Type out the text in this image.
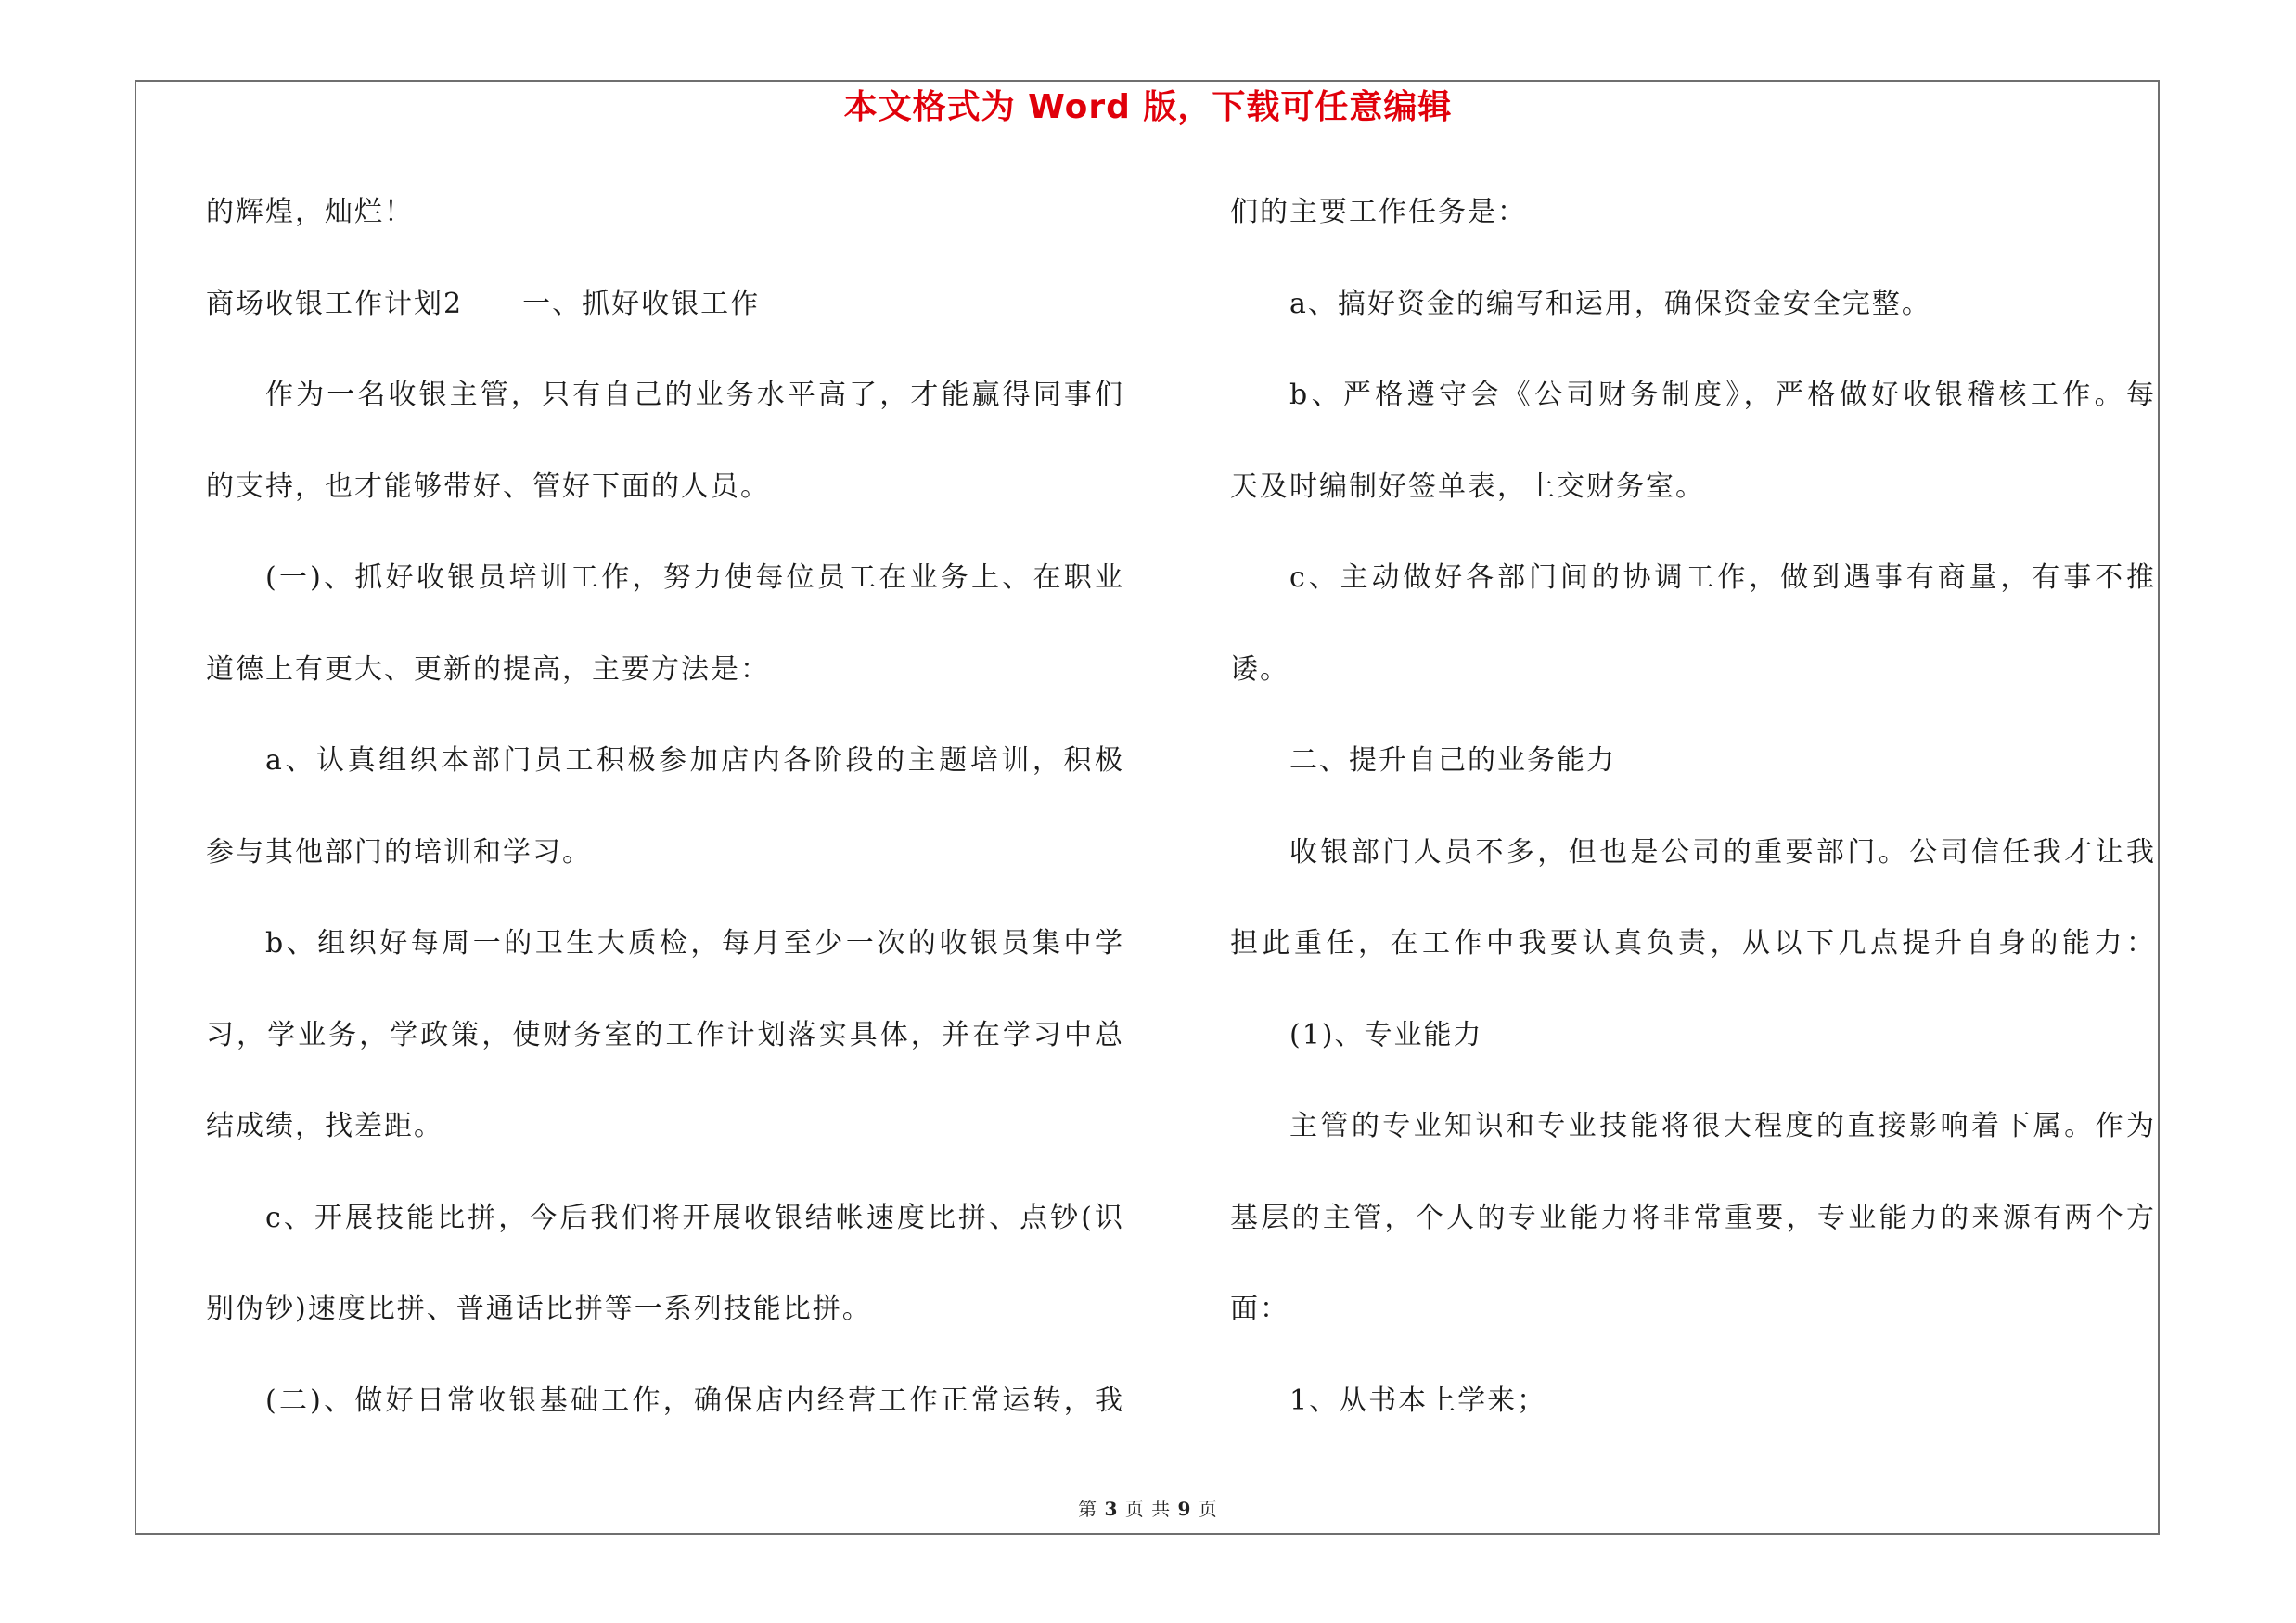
本文格式为 Word 版，下载可任意编辑
的辉煌，灿烂！
商场收银工作计划2　　一、抓好收银工作
作为一名收银主管，只有自己的业务水平高了，才能赢得同事们
的支持，也才能够带好、管好下面的人员。
(一)、抓好收银员培训工作，努力使每位员工在业务上、在职业
道德上有更大、更新的提高，主要方法是：
a、认真组织本部门员工积极参加店内各阶段的主题培训，积极
参与其他部门的培训和学习。
b、组织好每周一的卫生大质检，每月至少一次的收银员集中学
习，学业务，学政策，使财务室的工作计划落实具体，并在学习中总
结成绩，找差距。
c、开展技能比拼，今后我们将开展收银结帐速度比拼、点钞(识
别伪钞)速度比拼、普通话比拼等一系列技能比拼。
(二)、做好日常收银基础工作，确保店内经营工作正常运转，我
们的主要工作任务是：
a、搞好资金的编写和运用，确保资金安全完整。
b、严格遵守会《公司财务制度》，严格做好收银稽核工作。每
天及时编制好签单表，上交财务室。
c、主动做好各部门间的协调工作，做到遇事有商量，有事不推
诿。
二、提升自己的业务能力
收银部门人员不多，但也是公司的重要部门。公司信任我才让我
担此重任，在工作中我要认真负责，从以下几点提升自身的能力：
(1)、专业能力
主管的专业知识和专业技能将很大程度的直接影响着下属。作为
基层的主管，个人的专业能力将非常重要，专业能力的来源有两个方
面：
1、从书本上学来；
第 3 页 共 9 页
